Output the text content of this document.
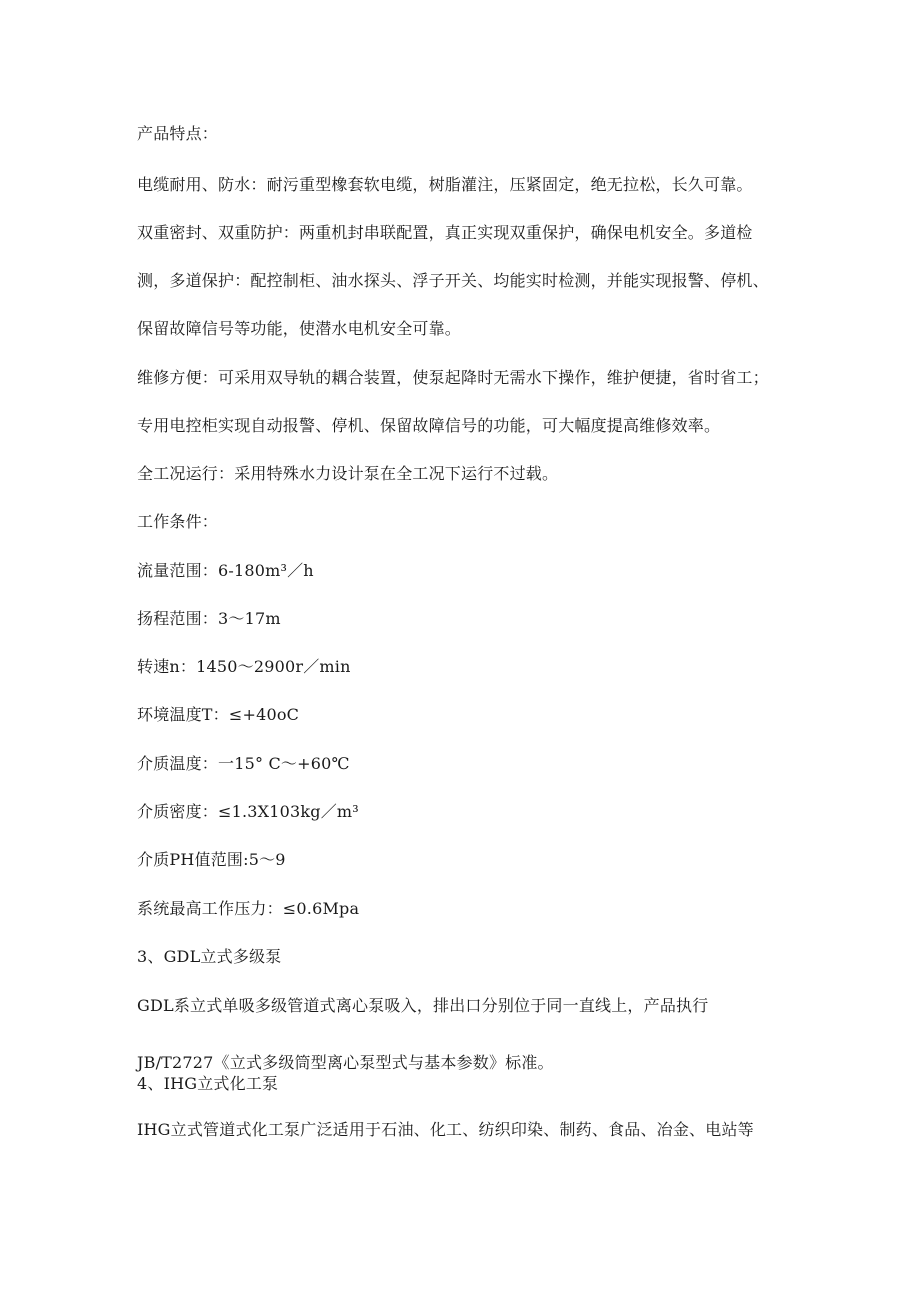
产品特点：
电缆耐用、防水：耐污重型橡套软电缆，树脂灌注，压紧固定，绝无拉松，长久可靠。
双重密封、双重防护：两重机封串联配置，真正实现双重保护，确保电机安全。多道检
测，多道保护：配控制柜、油水探头、浮子开关、均能实时检测，并能实现报警、停机、
保留故障信号等功能，使潜水电机安全可靠。
维修方便：可采用双导轨的耦合装置，使泵起降时无需水下操作，维护便捷，省时省工；
专用电控柜实现自动报警、停机、保留故障信号的功能，可大幅度提高维修效率。
全工况运行：采用特殊水力设计泵在全工况下运行不过载。
工作条件：
流量范围：6-180m³／h
扬程范围：3～17m
转速n：1450～2900r／min
环境温度T：≤+40oC
介质温度：一15° C～+60℃
介质密度：≤1.3X103kg／m³
介质PH值范围:5～9
系统最高工作压力：≤0.6Mpa
3、GDL立式多级泵
GDL系立式单吸多级管道式离心泵吸入，排出口分别位于同一直线上，产品执行
JB/T2727《立式多级筒型离心泵型式与基本参数》标准。
4、IHG立式化工泵
IHG立式管道式化工泵广泛适用于石油、化工、纺织印染、制药、食品、冶金、电站等
